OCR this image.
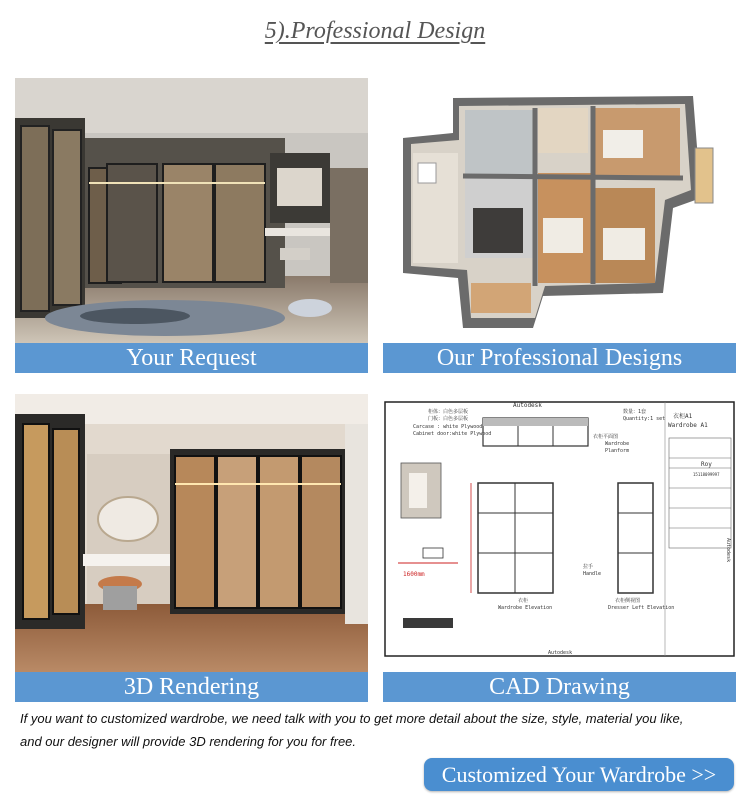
5).Professional Design
Your Request	Our Professional Designs
3D Rendering
Autodesk
柜体：白色多层板
门板：白色多层板
Carcase : white Plywood
Cabinet door:white Plywood
数量：1套
Quantity:1 set 衣柜A1
Wardrobe A1
衣柜平面图
Wardrobe
Planform
Roy
15118099997
Autodesk
衣柜
Wardrobe Elevation
1600mm
拉手
Handle
衣柜侧视图
Dresser Left Elevation
Autodesk
CAD Drawing
If you want to customized wardrobe, we need talk with you to get more detail about the size, style, material you like,
and our designer will provide 3D rendering for you for free.
Customized Your Wardrobe >>
